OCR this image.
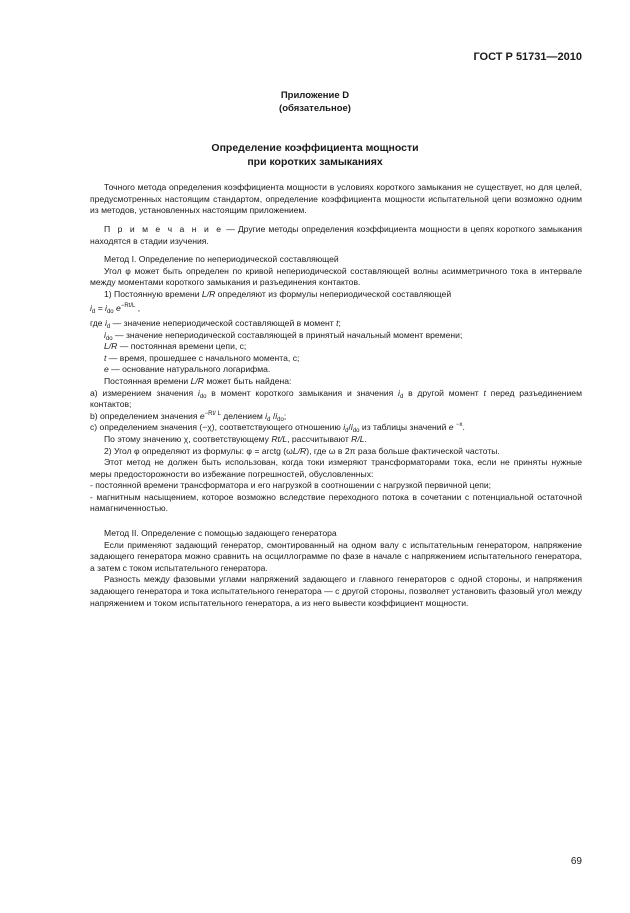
ГОСТ Р 51731—2010
Приложение D
(обязательное)
Определение коэффициента мощности
при коротких замыканиях

Точного метода определения коэффициента мощности в условиях короткого замыкания не существует, но для целей, предусмотренных настоящим стандартом, определение коэффициента мощности испытательной цепи возможно одним из методов, установленных настоящим приложением.

П р и м е ч а н и е — Другие методы определения коэффициента мощности в цепях короткого замыкания находятся в стадии изучения.

Метод I. Определение по непериодической составляющей

Угол φ может быть определен по кривой непериодической составляющей волны асимметричного тока в интервале между моментами короткого замыкания и разъединения контактов.

1) Постоянную времени L/R определяют из формулы непериодической составляющей

$i_d = i_{do}$ $e^{-Rt/L}$ ,

где $i_d$ — значение непериодической составляющей в момент t;

$i_{do}$ — значение непериодической составляющей в принятый начальный момент времени;

L/R — постоянная времени цепи, с;

t — время, прошедшее с начального момента, с;

e — основание натурального логарифма.

Постоянная времени L/R может быть найдена:

а) измерением значения $i_{do}$ в момент короткого замыкания и значения $i_d$ в другой момент t перед разъединением контактов;

b) определением значения $e^{-Rt/ L}$ делением $i_d$ $/i_{do}$;

c) определением значения (−χ), соответствующего отношению $i_d/i_{do}$ из таблицы значений e $^{-x}$.

По этому значению χ, соответствующему Rt/L, рассчитывают R/L.

2) Угол φ определяют из формулы: φ = arctg (ωL/R), где ω в 2π раза больше фактической частоты.

Этот метод не должен быть использован, когда токи измеряют трансформаторами тока, если не приняты нужные меры предосторожности во избежание погрешностей, обусловленных:

- постоянной времени трансформатора и его нагрузкой в соотношении с нагрузкой первичной цепи;

- магнитным насыщением, которое возможно вследствие переходного потока в сочетании с потенциальной остаточной намагниченностью.

Метод II. Определение с помощью задающего генератора

Если применяют задающий генератор, смонтированный на одном валу с испытательным генератором, напряжение задающего генератора можно сравнить на осциллограмме по фазе в начале с напряжением испытательного генератора, а затем с током испытательного генератора.

Разность между фазовыми углами напряжений задающего и главного генераторов с одной стороны, и напряжения задающего генератора и тока испытательного генератора — с другой стороны, позволяет установить фазовый угол между напряжением и током испытательного генератора, а из него вывести коэффициент мощности.

69
